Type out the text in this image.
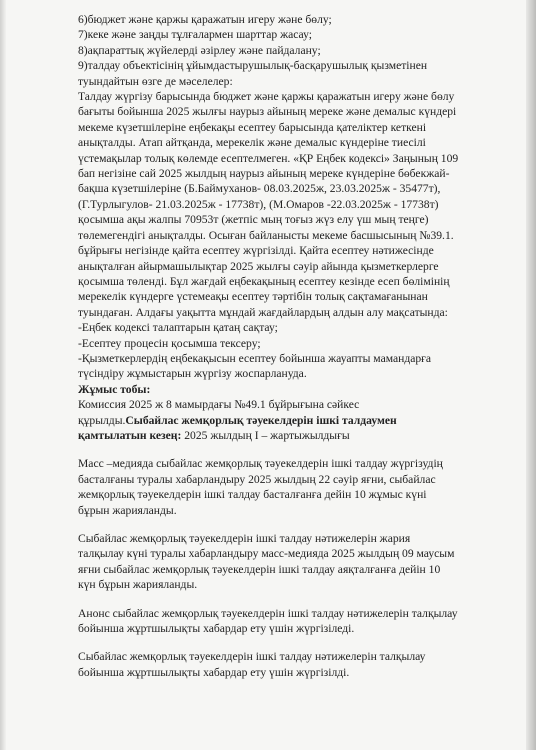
6)бюджет және қаржы қаражатын игеру және бөлу;

7)кеке және заңды тұлғалармен шарттар жасау;

8)ақпараттық жүйелерді әзірлеу және пайдалану;

9)талдау объектісінің ұйымдастырушылық-басқарушылық қызметінен

туындайтын өзге де мәселелер:

Талдау жүргізу барысында бюджет және қаржы қаражатын игеру және бөлу

бағыты бойынша 2025 жылғы наурыз айының мереке және демалыс күндері

мекеме күзетшілеріне еңбекақы есептеу барысында қателіктер кеткені

анықталды. Атап айтқанда, мерекелік және демалыс күндеріне тиесілі

үстемақылар толық көлемде есептелмеген. «ҚР Еңбек кодексі» Заңының 109

бап негізіне сай 2025 жылдың наурыз айының мереке күндеріне бөбекжай-

бақша күзетшілеріне (Б.Баймуханов- 08.03.2025ж, 23.03.2025ж - 35477т),

(Г.Турлыгулов- 21.03.2025ж - 17738т), (М.Омаров -22.03.2025ж - 17738т)

қосымша ақы жалпы 70953т (жетпіс мың тоғыз жүз елу үш мың теңге)

төлемегендігі анықталды. Осыған байланысты мекеме басшысының №39.1.

бұйрығы негізінде қайта есептеу жүргізілді. Қайта есептеу нәтижесінде

анықталған айырмашылықтар 2025 жылғы сәуір айында қызметкерлерге

қосымша төленді. Бұл жағдай еңбекақының есептеу кезінде есеп бөлімінің

мерекелік күндерге үстемеақы есептеу тәртібін толық сақтамағанынан

туындаған. Алдағы уақытта мұндай жағдайлардың алдын алу мақсатында:

-Еңбек кодексі талаптарын қатаң сақтау;

-Есептеу процесін қосымша тексеру;

-Қызметкерлердің еңбекақысын есептеу бойынша жауапты мамандарға

түсіндіру жұмыстарын жүргізу жоспарлануда.

Жұмыс тобы:

Комиссия 2025 ж 8 мамырдағы №49.1 бұйрығына сәйкес

құрылды.Сыбайлас жемқорлық тәуекелдерін ішкі талдаумен

қамтылатын кезең: 2025 жылдың I – жартыжылдығы

Масс –медияда сыбайлас жемқорлық тәуекелдерін ішкі талдау жүргізудің

басталғаны туралы хабарландыру 2025 жылдың 22 сәуір яғни, сыбайлас

жемқорлық тәуекелдерін ішкі талдау басталғанға дейін 10 жұмыс күні

бұрын жарияланды.

Сыбайлас жемқорлық тәуекелдерін ішкі талдау нәтижелерін жария

талқылау күні туралы хабарландыру масс-медияда 2025 жылдың 09 маусым

яғни сыбайлас жемқорлық тәуекелдерін ішкі талдау аяқталғанға дейін 10

күн бұрын жарияланды.

Анонс сыбайлас жемқорлық тәуекелдерін ішкі талдау нәтижелерін талқылау

бойынша жұртшылықты хабардар ету үшін жүргізіледі.

Сыбайлас жемқорлық тәуекелдерін ішкі талдау нәтижелерін талқылау

бойынша жұртшылықты хабардар ету үшін жүргізілді.
